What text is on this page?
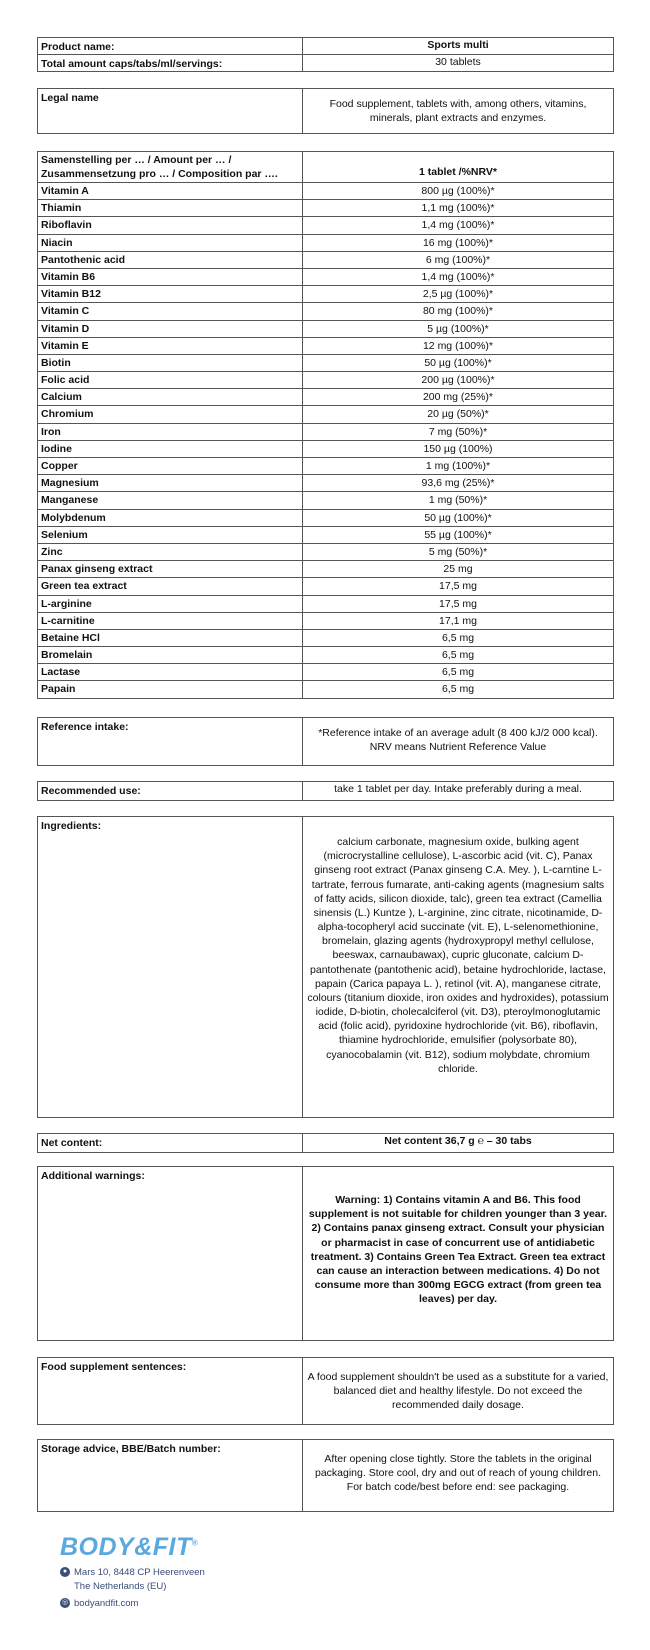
Product name:	Sports multi
Total amount caps/tabs/ml/servings:	30 tablets
Legal name	Food supplement, tablets with, among others, vitamins, minerals, plant extracts and enzymes.
Samenstelling per … / Amount per … / Zusammensetzung pro … / Composition par ….	1 tablet /%NRV*
Vitamin A	800 µg (100%)*
Thiamin	1,1 mg (100%)*
Riboflavin	1,4 mg (100%)*
Niacin	16 mg (100%)*
Pantothenic acid	6 mg (100%)*
Vitamin B6	1,4 mg (100%)*
Vitamin B12	2,5 µg (100%)*
Vitamin C	80 mg (100%)*
Vitamin D	5 µg (100%)*
Vitamin E	12 mg (100%)*
Biotin	50 µg (100%)*
Folic acid	200 µg (100%)*
Calcium	200 mg (25%)*
Chromium	20 µg (50%)*
Iron	7 mg (50%)*
Iodine	150 µg (100%)
Copper	1 mg (100%)*
Magnesium	93,6 mg (25%)*
Manganese	1 mg (50%)*
Molybdenum	50 µg (100%)*
Selenium	55 µg (100%)*
Zinc	5 mg (50%)*
Panax ginseng extract	25 mg
Green tea extract	17,5 mg
L-arginine	17,5 mg
L-carnitine	17,1 mg
Betaine HCl	6,5 mg
Bromelain	6,5 mg
Lactase	6,5 mg
Papain	6,5 mg
Reference intake:	*Reference intake of an average adult (8 400 kJ/2 000 kcal). NRV means Nutrient Reference Value
Recommended use:	take 1 tablet per day. Intake preferably during a meal.
Ingredients:	calcium carbonate, magnesium oxide, bulking agent (microcrystalline cellulose), L-ascorbic acid (vit. C), Panax ginseng root extract (Panax ginseng C.A. Mey. ), L-carntine L-tartrate, ferrous fumarate, anti-caking agents (magnesium salts of fatty acids, silicon dioxide, talc), green tea extract (Camellia sinensis (L.) Kuntze ), L-arginine, zinc citrate, nicotinamide, D-alpha-tocopheryl acid succinate (vit. E), L-selenomethionine, bromelain, glazing agents (hydroxypropyl methyl cellulose, beeswax, carnaubawax), cupric gluconate, calcium D-pantothenate (pantothenic acid), betaine hydrochloride, lactase, papain (Carica papaya L. ), retinol (vit. A), manganese citrate, colours (titanium dioxide, iron oxides and hydroxides), potassium iodide, D-biotin, cholecalciferol (vit. D3), pteroylmonoglutamic acid (folic acid), pyridoxine hydrochloride (vit. B6), riboflavin, thiamine hydrochloride, emulsifier (polysorbate 80), cyanocobalamin (vit. B12), sodium molybdate, chromium chloride.
Net content:	Net content 36,7 g ℮ – 30 tabs
Additional warnings:	Warning: 1) Contains vitamin A and B6. This food supplement is not suitable for children younger than 3 year. 2) Contains panax ginseng extract. Consult your physician or pharmacist in case of concurrent use of antidiabetic treatment. 3) Contains Green Tea Extract. Green tea extract can cause an interaction between medications. 4) Do not consume more than 300mg EGCG extract (from green tea leaves) per day.
Food supplement sentences:	A food supplement shouldn't be used as a substitute for a varied, balanced diet and healthy lifestyle. Do not exceed the recommended daily dosage.
Storage advice, BBE/Batch number:	After opening close tightly. Store the tablets in the original packaging. Store cool, dry and out of reach of young children. For batch code/best before end: see packaging.
BODY&FIT®
● Mars 10, 8448 CP Heerenveen
The Netherlands (EU)
◎ bodyandfit.com
